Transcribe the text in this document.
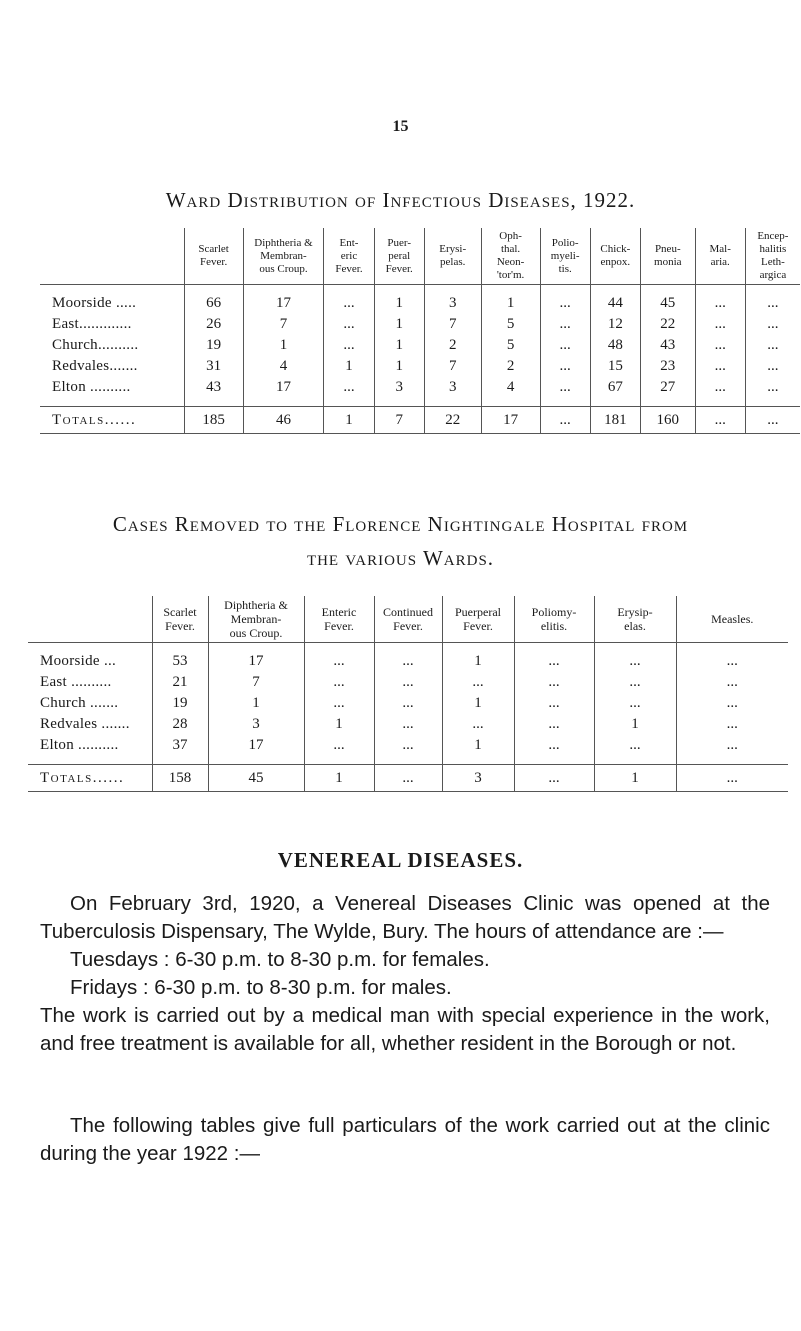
15
Ward Distribution of Infectious Diseases, 1922.
	Scarlet
Fever.	Diphtheria &
Membran-
ous Croup.	Ent-
eric
Fever.	Puer-
peral
Fever.	Erysi-
pelas.	Oph-
thal.
Neon-
'tor'm.	Polio-
myeli-
tis.	Chick-
enpox.	Pneu-
monia	Mal-
aria.	Encep-
halitis
Leth-
argica

Moorside .....	66	17	...	1	3	1	...	44	45	...	...
East.............	26	7	...	1	7	5	...	12	22	...	...
Church..........	19	1	...	1	2	5	...	48	43	...	...
Redvales.......	31	4	1	1	7	2	...	15	23	...	...
Elton ..........	43	17	...	3	3	4	...	67	27	...	...

Totals......	185	46	1	7	22	17	...	181	160	...	...
Cases Removed to the Florence Nightingale Hospital from
the various Wards.
	Scarlet
Fever.	Diphtheria &
Membran-
ous Croup.	Enteric
Fever.	Continued
Fever.	Puerperal
Fever.	Poliomy-
elitis.	Erysip-
elas.	Measles.

Moorside ...	53	17	...	...	1	...	...	...
East ..........	21	7	...	...	...	...	...	...
Church .......	19	1	...	...	1	...	...	...
Redvales .......	28	3	1	...	...	...	1	...
Elton ..........	37	17	...	...	1	...	...	...

Totals......	158	45	1	...	3	...	1	...
VENEREAL DISEASES.

On February 3rd, 1920, a Venereal Diseases Clinic was opened at the Tuberculosis Dispensary, The Wylde, Bury. The hours of attendance are :—

Tuesdays : 6-30 p.m. to 8-30 p.m. for females.

Fridays : 6-30 p.m. to 8-30 p.m. for males.

The work is carried out by a medical man with special experience in the work, and free treatment is available for all, whether resident in the Borough or not.

The following tables give full particulars of the work carried out at the clinic during the year 1922 :—
